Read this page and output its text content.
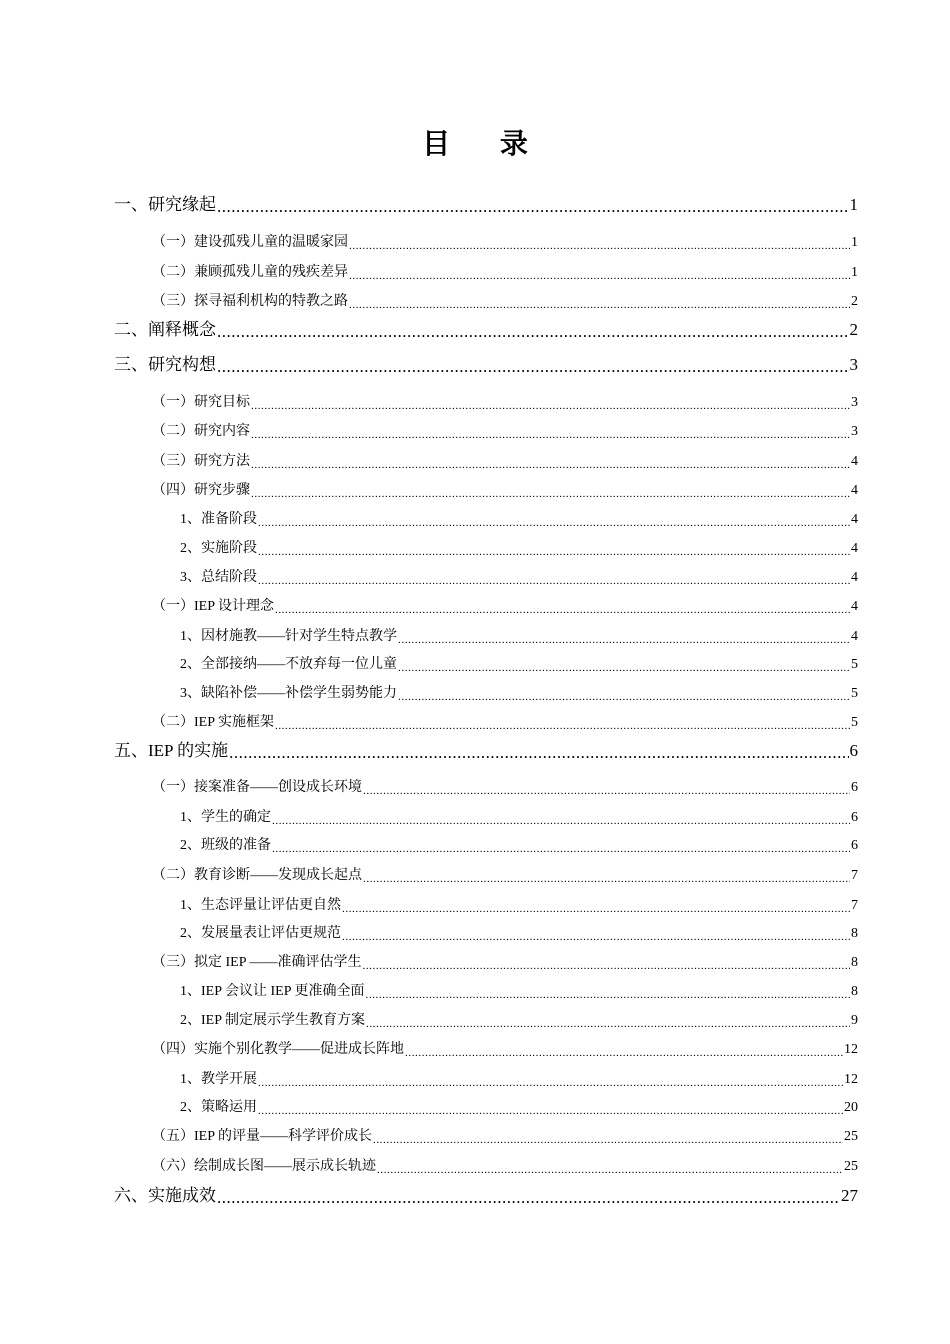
目 录
一、研究缘起 .....	1
（一）建设孤残儿童的温暖家园 .....	1
（二）兼顾孤残儿童的残疾差异 .....	1
（三）探寻福利机构的特教之路 .....	2
二、阐释概念 .....	2
三、研究构想 .....	3
（一）研究目标 .....	3
（二）研究内容 .....	3
（三）研究方法 .....	4
（四）研究步骤 .....	4
1、准备阶段 .....	4
2、实施阶段 .....	4
3、总结阶段 .....	4
（一）IEP 设计理念 .....	4
1、因材施教——针对学生特点教学 .....	4
2、全部接纳——不放弃每一位儿童 .....	5
3、缺陷补偿——补偿学生弱势能力 .....	5
（二）IEP 实施框架 .....	5
五、IEP 的实施 .....	6
（一）接案准备——创设成长环境 .....	6
1、学生的确定 .....	6
2、班级的准备 .....	6
（二）教育诊断——发现成长起点 .....	7
1、生态评量让评估更自然 .....	7
2、发展量表让评估更规范 .....	8
（三）拟定 IEP ——准确评估学生 .....	8
1、IEP 会议让 IEP 更准确全面 .....	8
2、IEP 制定展示学生教育方案 .....	9
（四）实施个别化教学——促进成长阵地 .....	12
1、教学开展 .....	12
2、策略运用 .....	20
（五）IEP 的评量——科学评价成长 .....	25
（六）绘制成长图——展示成长轨迹 .....	25
六、实施成效 .....	27
